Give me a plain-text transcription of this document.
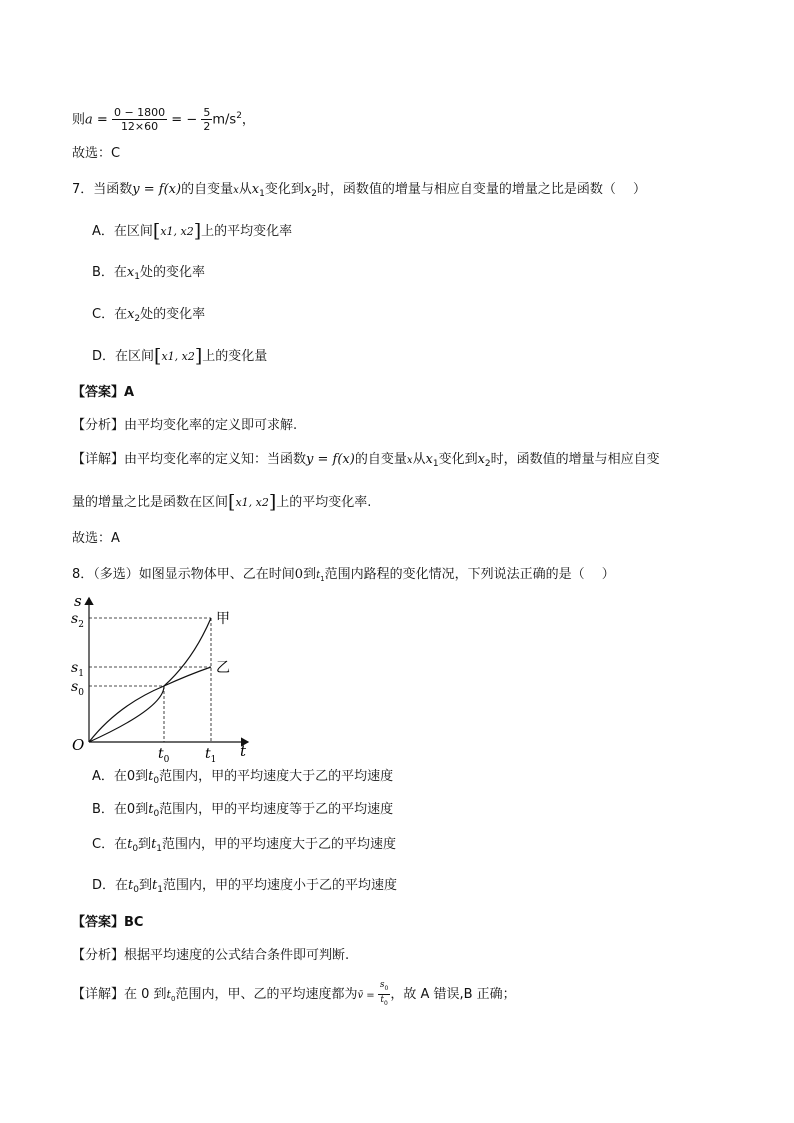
则$a = \frac{0 - 1800}{12\times 60}$ = − $\frac{5}{2} m/s^2$，
故选：C
7．当函数y = f(x)的自变量x从$x_1$变化到$x_2$时，函数值的增量与相应自变量的增量之比是函数（　 ）
A．在区间[x1, x2]上的平均变化率
B．在$x_1$处的变化率
C．在$x_2$处的变化率
D．在区间[x1, x2]上的变化量
【答案】A
【分析】由平均变化率的定义即可求解.
【详解】由平均变化率的定义知：当函数y = f(x)的自变量x从$x_1$变化到$x_2$时，函数值的增量与相应自变
量的增量之比是函数在区间[x1, x2]上的平均变化率.
故选：A
8．（多选）如图显示物体甲、乙在时间0到$t_1$范围内路程的变化情况，下列说法正确的是（　 ）
s
t
O
$s_2$
$s_1$
$s_0$
$t_0$	$t_1$
甲
乙
A．在0到$t_0$范围内，甲的平均速度大于乙的平均速度
B．在0到$t_0$范围内，甲的平均速度等于乙的平均速度
C．在$t_0$到$t_1$范围内，甲的平均速度大于乙的平均速度
D．在$t_0$到$t_1$范围内，甲的平均速度小于乙的平均速度
【答案】BC
【分析】根据平均速度的公式结合条件即可判断.
【详解】在 0 到$t_0$范围内，甲、乙的平均速度都为v̄ = $\frac{s_0}{t_0}$ ，故 A 错误,B 正确；
